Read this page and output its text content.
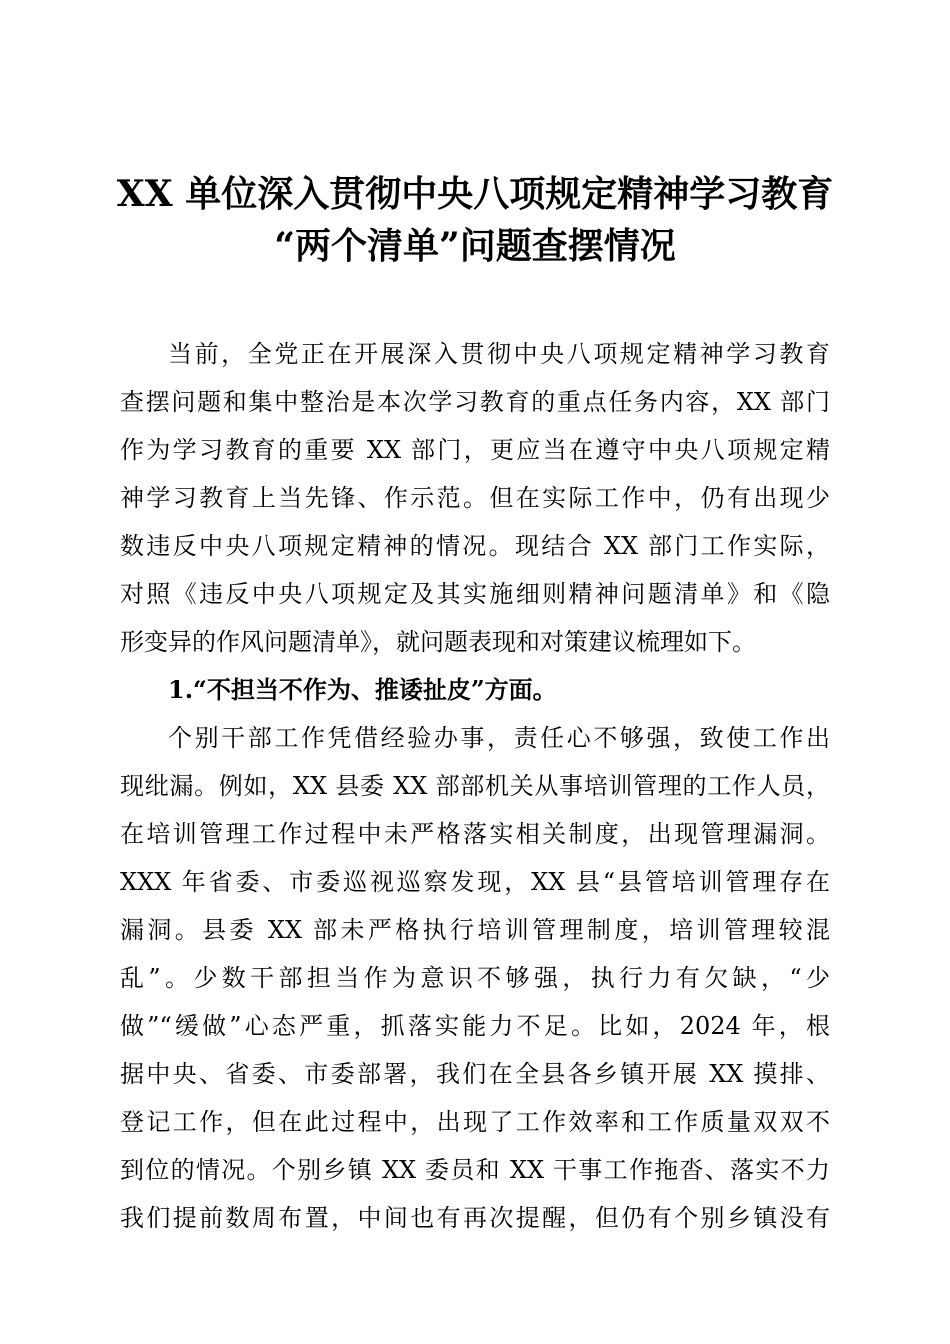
XX 单位深入贯彻中央八项规定精神学习教育
“两个清单”问题查摆情况
当前，全党正在开展深入贯彻中央八项规定精神学习教育
查摆问题和集中整治是本次学习教育的重点任务内容，XX 部门
作为学习教育的重要 XX 部门，更应当在遵守中央八项规定精
神学习教育上当先锋、作示范。但在实际工作中，仍有出现少
数违反中央八项规定精神的情况。现结合 XX 部门工作实际，
对照《违反中央八项规定及其实施细则精神问题清单》和《隐
形变异的作风问题清单》，就问题表现和对策建议梳理如下。
1.“不担当不作为、推诿扯皮”方面。
个别干部工作凭借经验办事，责任心不够强，致使工作出
现纰漏。例如，XX 县委 XX 部部机关从事培训管理的工作人员，
在培训管理工作过程中未严格落实相关制度，出现管理漏洞。
XXX 年省委、市委巡视巡察发现，XX 县“县管培训管理存在
漏洞。县委 XX 部未严格执行培训管理制度，培训管理较混
乱”。少数干部担当作为意识不够强，执行力有欠缺，“少
做”“缓做”心态严重，抓落实能力不足。比如，2024 年，根
据中央、省委、市委部署，我们在全县各乡镇开展 XX 摸排、
登记工作，但在此过程中，出现了工作效率和工作质量双双不
到位的情况。个别乡镇 XX 委员和 XX 干事工作拖沓、落实不力
我们提前数周布置，中间也有再次提醒，但仍有个别乡镇没有
